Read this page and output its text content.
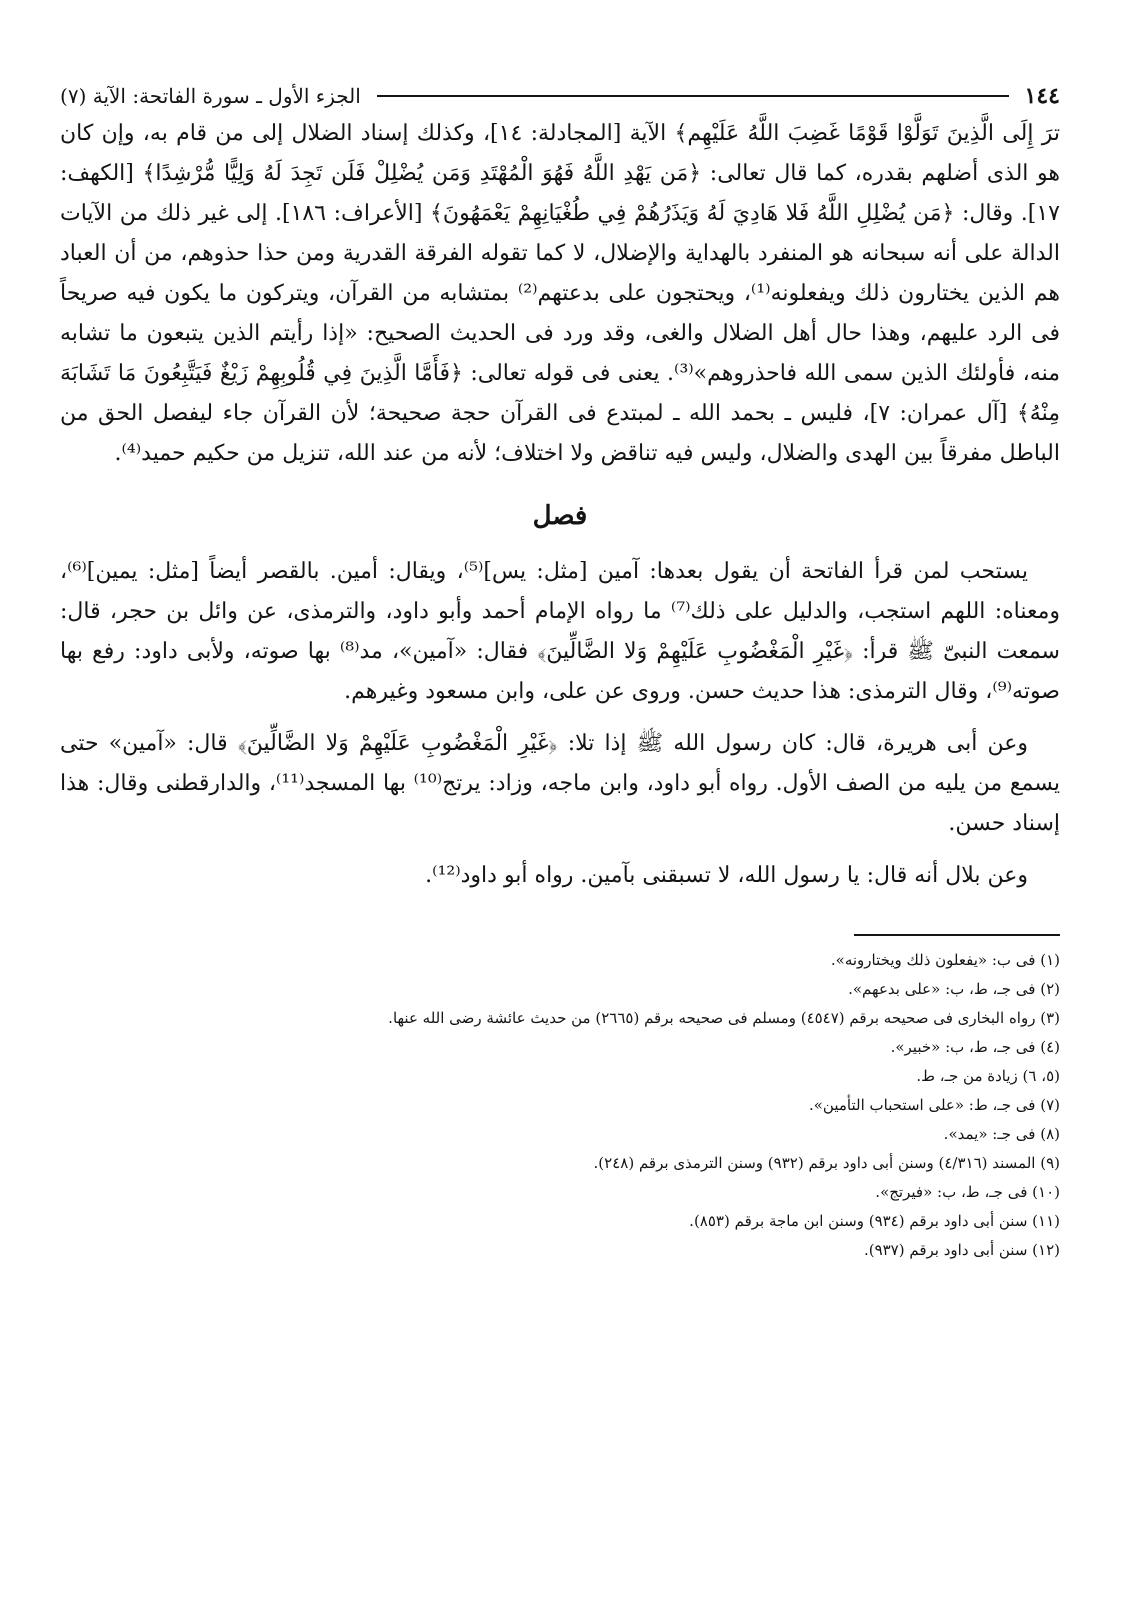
١٤٤
الجزء الأول ـ سورة الفاتحة: الآية (٧)

ترَ إِلَى الَّذِينَ تَوَلَّوْا قَوْمًا غَضِبَ اللَّهُ عَلَيْهِم﴾ الآية [المجادلة: ١٤]، وكذلك إسناد الضلال إلى من قام به، وإن كان هو الذى أضلهم بقدره، كما قال تعالى: ﴿مَن يَهْدِ اللَّهُ فَهُوَ الْمُهْتَدِ وَمَن يُضْلِلْ فَلَن تَجِدَ لَهُ وَلِيًّا مُّرْشِدًا﴾ [الكهف: ١٧]. وقال: ﴿مَن يُضْلِلِ اللَّهُ فَلا هَادِيَ لَهُ وَيَذَرُهُمْ فِي طُغْيَانِهِمْ يَعْمَهُونَ﴾ [الأعراف: ١٨٦]. إلى غير ذلك من الآيات الدالة على أنه سبحانه هو المنفرد بالهداية والإضلال، لا كما تقوله الفرقة القدرية ومن حذا حذوهم، من أن العباد هم الذين يختارون ذلك ويفعلونه⁽¹⁾، ويحتجون على بدعتهم⁽²⁾ بمتشابه من القرآن، ويتركون ما يكون فيه صريحاً فى الرد عليهم، وهذا حال أهل الضلال والغى، وقد ورد فى الحديث الصحيح: «إذا رأيتم الذين يتبعون ما تشابه منه، فأولئك الذين سمى الله فاحذروهم»⁽³⁾. يعنى فى قوله تعالى: ﴿فَأَمَّا الَّذِينَ فِي قُلُوبِهِمْ زَيْغٌ فَيَتَّبِعُونَ مَا تَشَابَهَ مِنْهُ﴾ [آل عمران: ٧]، فليس ـ بحمد الله ـ لمبتدع فى القرآن حجة صحيحة؛ لأن القرآن جاء ليفصل الحق من الباطل مفرقاً بين الهدى والضلال، وليس فيه تناقض ولا اختلاف؛ لأنه من عند الله، تنزيل من حكيم حميد⁽⁴⁾.

فصل

يستحب لمن قرأ الفاتحة أن يقول بعدها: آمين [مثل: يس]⁽⁵⁾، ويقال: أمين. بالقصر أيضاً [مثل: يمين]⁽⁶⁾، ومعناه: اللهم استجب، والدليل على ذلك⁽⁷⁾ ما رواه الإمام أحمد وأبو داود، والترمذى، عن وائل بن حجر، قال: سمعت النبىّ ﷺ قرأ: ﴿غَيْرِ الْمَغْضُوبِ عَلَيْهِمْ وَلا الضَّالِّينَ﴾ فقال: «آمين»، مد⁽⁸⁾ بها صوته، ولأبى داود: رفع بها صوته⁽⁹⁾، وقال الترمذى: هذا حديث حسن. وروى عن على، وابن مسعود وغيرهم.

وعن أبى هريرة، قال: كان رسول الله ﷺ إذا تلا: ﴿غَيْرِ الْمَغْضُوبِ عَلَيْهِمْ وَلا الضَّالِّينَ﴾ قال: «آمين» حتى يسمع من يليه من الصف الأول. رواه أبو داود، وابن ماجه، وزاد: يرتج⁽¹⁰⁾ بها المسجد⁽¹¹⁾، والدارقطنى وقال: هذا إسناد حسن.

وعن بلال أنه قال: يا رسول الله، لا تسبقنى بآمين. رواه أبو داود⁽¹²⁾.

(١) فى ب: «يفعلون ذلك ويختارونه».
(٢) فى جـ، ط، ب: «على بدعهم».
(٣) رواه البخارى فى صحيحه برقم (٤٥٤٧) ومسلم فى صحيحه برقم (٢٦٦٥) من حديث عائشة رضى الله عنها.
(٤) فى جـ، ط، ب: «خبير».
(٥، ٦) زيادة من جـ، ط.
(٧) فى جـ، ط: «على استحباب التأمين».
(٨) فى جـ: «يمد».
(٩) المسند (٤/٣١٦) وسنن أبى داود برقم (٩٣٢) وسنن الترمذى برقم (٢٤٨).
(١٠) فى جـ، ط، ب: «فيرتج».
(١١) سنن أبى داود برقم (٩٣٤) وسنن ابن ماجة برقم (٨٥٣).
(١٢) سنن أبى داود برقم (٩٣٧).
